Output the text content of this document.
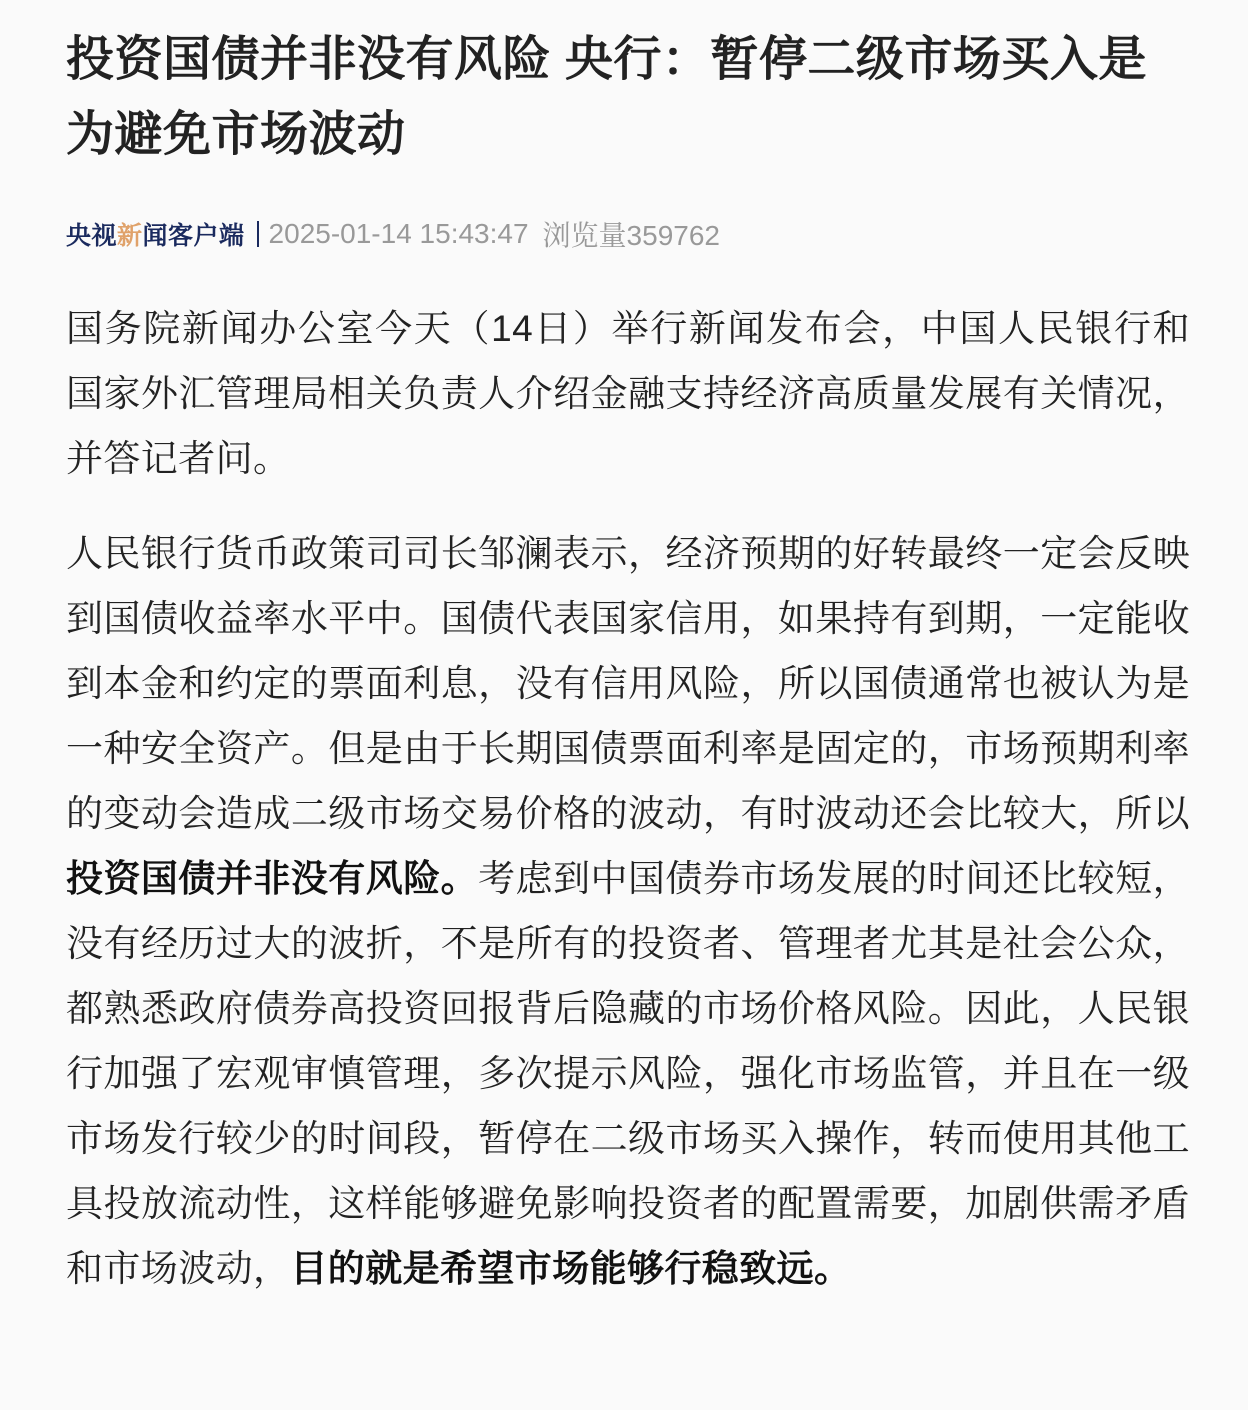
投资国债并非没有风险 央行：暂停二级市场买入是为避免市场波动
央视新闻客户端 2025-01-14 15:43:47 浏览量359762

国务院新闻办公室今天（14日）举行新闻发布会，中国人民银行和国家外汇管理局相关负责人介绍金融支持经济高质量发展有关情况，并答记者问。

人民银行货币政策司司长邹澜表示，经济预期的好转最终一定会反映到国债收益率水平中。国债代表国家信用，如果持有到期，一定能收到本金和约定的票面利息，没有信用风险，所以国债通常也被认为是一种安全资产。但是由于长期国债票面利率是固定的，市场预期利率的变动会造成二级市场交易价格的波动，有时波动还会比较大，所以投资国债并非没有风险。考虑到中国债券市场发展的时间还比较短，没有经历过大的波折，不是所有的投资者、管理者尤其是社会公众，都熟悉政府债券高投资回报背后隐藏的市场价格风险。因此，人民银行加强了宏观审慎管理，多次提示风险，强化市场监管，并且在一级市场发行较少的时间段，暂停在二级市场买入操作，转而使用其他工具投放流动性，这样能够避免影响投资者的配置需要，加剧供需矛盾和市场波动，目的就是希望市场能够行稳致远。
